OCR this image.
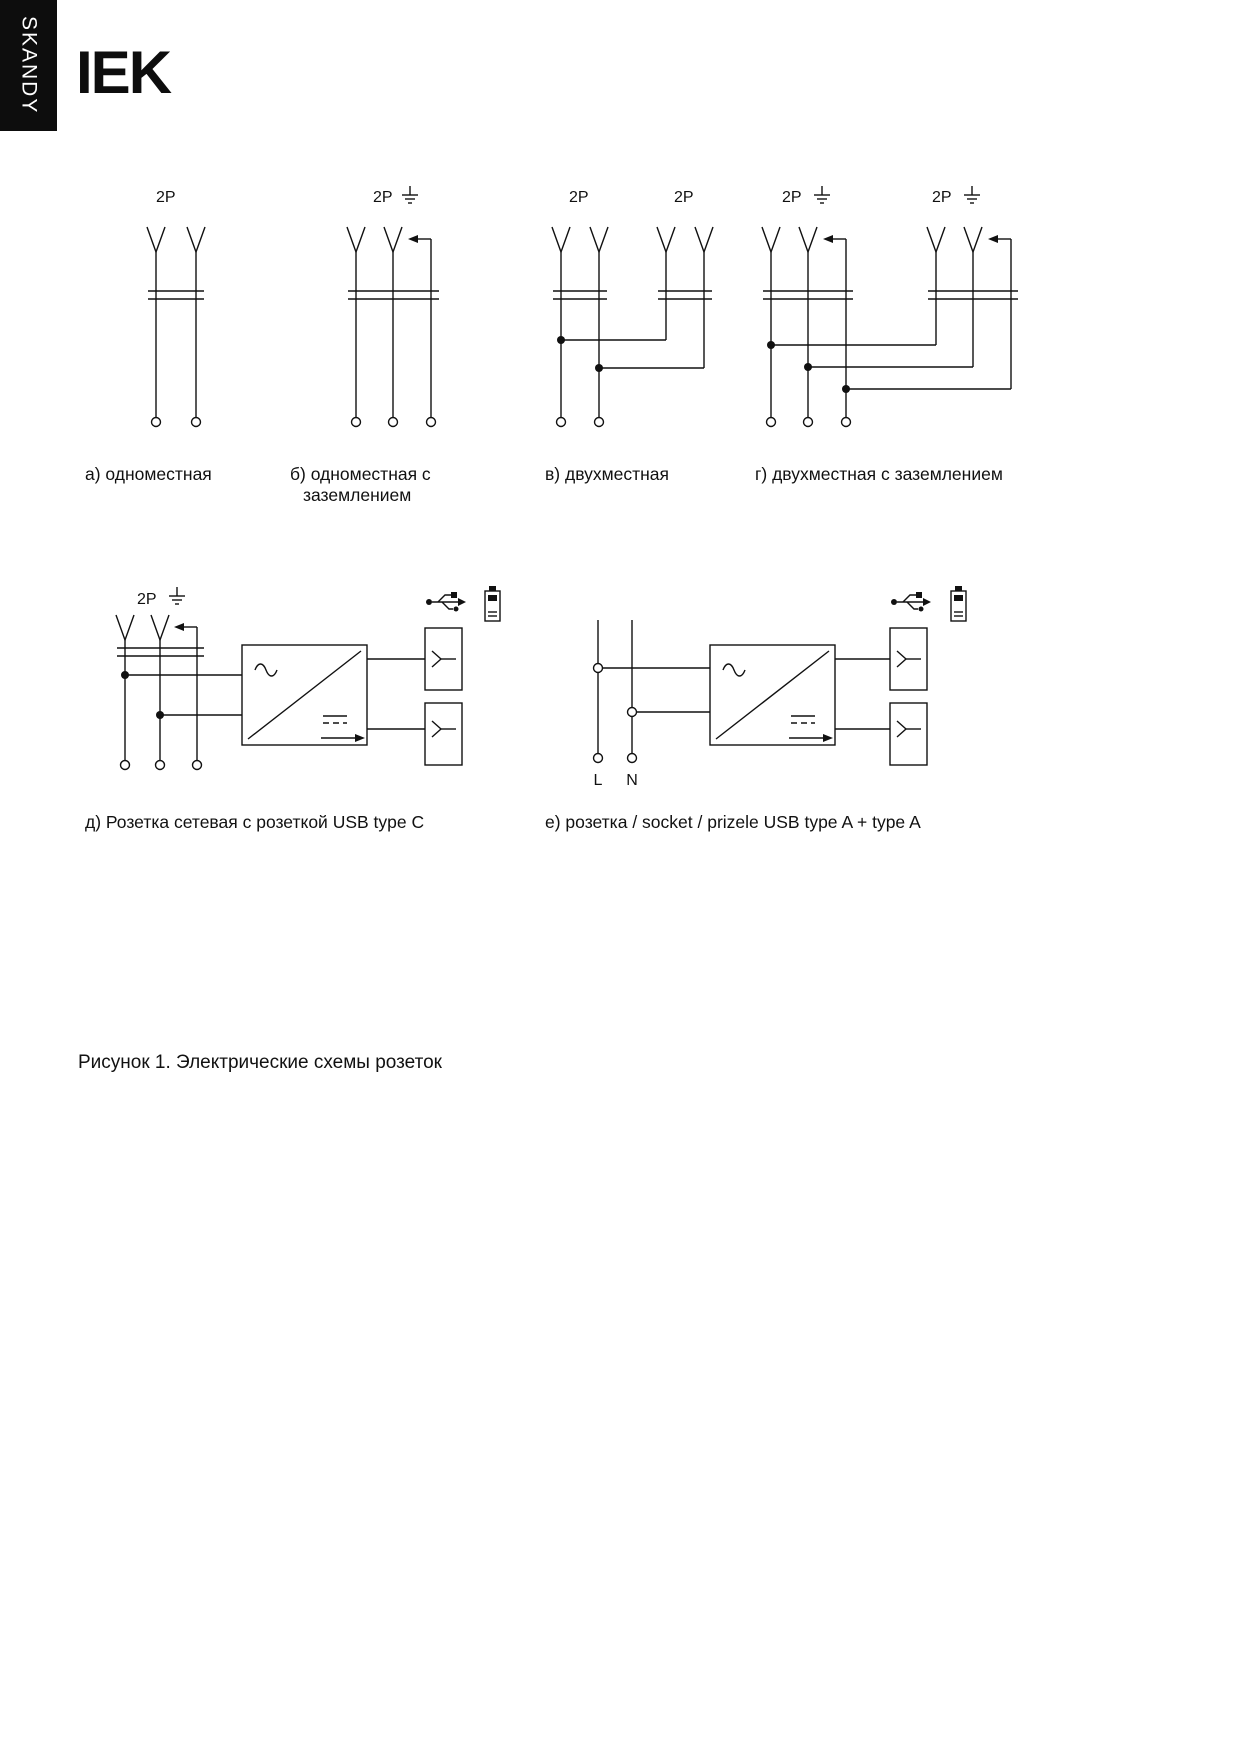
SKANDY IEK
2P
а) одноместная
2P
б) одноместная с
заземлением
2P	2P
в) двухместная
2P	2P
г) двухместная с заземлением
2P
д) Розетка сетевая с розеткой USB type C
L N
е) розетка / socket / prizele USB type A + type A
Рисунок 1. Электрические схемы розеток
